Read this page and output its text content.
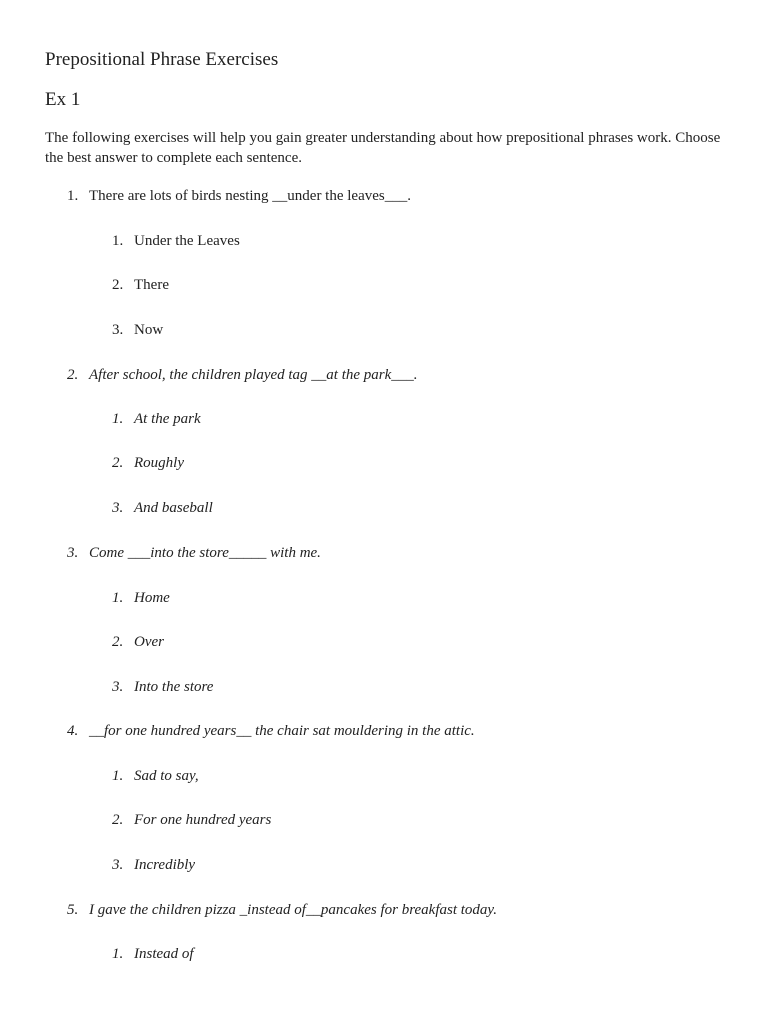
Prepositional Phrase Exercises
Ex 1

The following exercises will help you gain greater understanding about how prepositional phrases work. Choose the best answer to complete each sentence.

1. There are lots of birds nesting __under the leaves___.
1. Under the Leaves
2. There
3. Now
2. After school, the children played tag __at the park___.
1. At the park
2. Roughly
3. And baseball
3. Come ___into the store_____ with me.
1. Home
2. Over
3. Into the store
4. __for one hundred years__ the chair sat mouldering in the attic.
1. Sad to say,
2. For one hundred years
3. Incredibly
5. I gave the children pizza _instead of__pancakes for breakfast today.
1. Instead of
